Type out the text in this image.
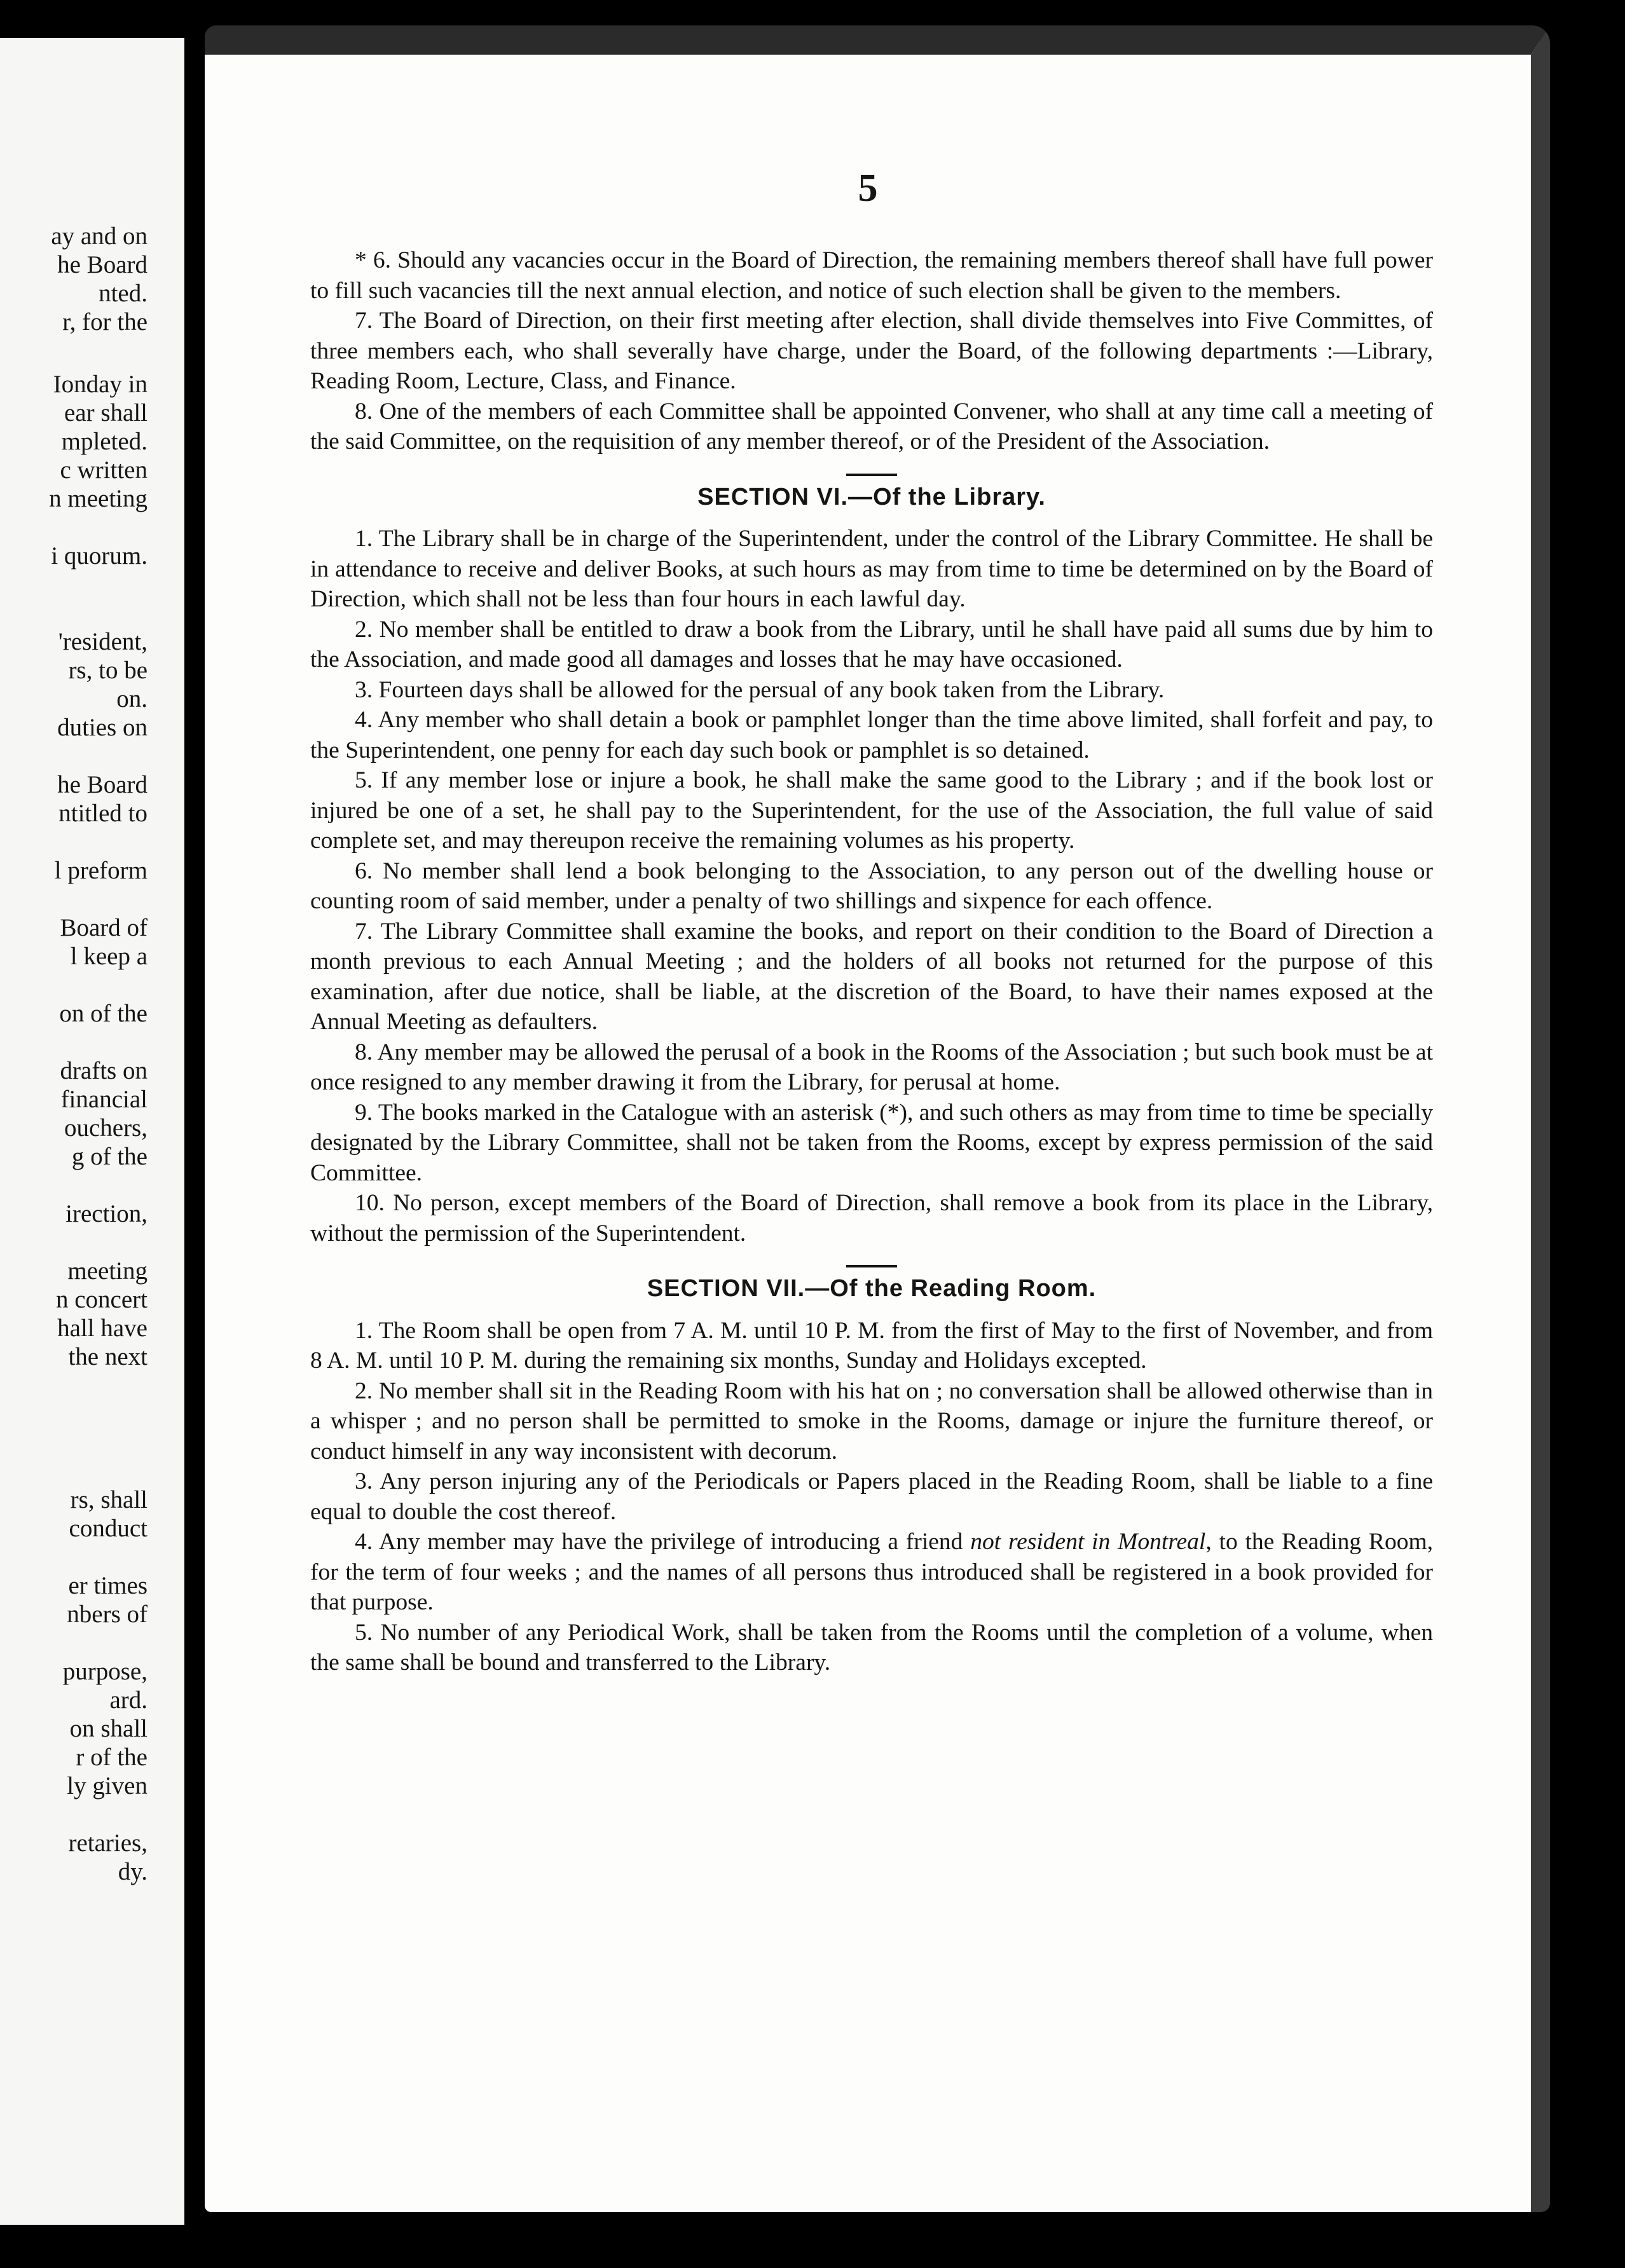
ay and on
he Board
nted.
r, for the
Ionday in
ear shall
mpleted.
c written
n meeting
i quorum.
'resident,
rs, to be
on.
duties on
he Board
ntitled to
l preform
Board of
l keep a
on of the
drafts on
financial
ouchers,
g of the
irection,
meeting
n concert
hall have
the next
rs, shall
conduct
er times
nbers of
purpose,
ard.
on shall
r of the
ly given
retaries,
dy.
5

* 6. Should any vacancies occur in the Board of Direction, the remaining members thereof shall have full power to fill such vacancies till the next annual election, and notice of such election shall be given to the members.

7. The Board of Direction, on their first meeting after election, shall divide themselves into Five Committes, of three members each, who shall severally have charge, under the Board, of the following departments :—Library, Reading Room, Lecture, Class, and Finance.

8. One of the members of each Committee shall be appointed Convener, who shall at any time call a meeting of the said Committee, on the requisition of any member thereof, or of the President of the Association.

SECTION VI.—Of the Library.

1. The Library shall be in charge of the Superintendent, under the control of the Library Committee. He shall be in attendance to receive and deliver Books, at such hours as may from time to time be determined on by the Board of Direction, which shall not be less than four hours in each lawful day.

2. No member shall be entitled to draw a book from the Library, until he shall have paid all sums due by him to the Association, and made good all damages and losses that he may have occasioned.

3. Fourteen days shall be allowed for the persual of any book taken from the Library.

4. Any member who shall detain a book or pamphlet longer than the time above limited, shall forfeit and pay, to the Superintendent, one penny for each day such book or pamphlet is so detained.

5. If any member lose or injure a book, he shall make the same good to the Library ; and if the book lost or injured be one of a set, he shall pay to the Superintendent, for the use of the Association, the full value of said complete set, and may thereupon receive the remaining volumes as his property.

6. No member shall lend a book belonging to the Association, to any person out of the dwelling house or counting room of said member, under a penalty of two shillings and sixpence for each offence.

7. The Library Committee shall examine the books, and report on their condition to the Board of Direction a month previous to each Annual Meeting ; and the holders of all books not returned for the purpose of this examination, after due notice, shall be liable, at the discretion of the Board, to have their names exposed at the Annual Meeting as defaulters.

8. Any member may be allowed the perusal of a book in the Rooms of the Association ; but such book must be at once resigned to any member drawing it from the Library, for perusal at home.

9. The books marked in the Catalogue with an asterisk (*), and such others as may from time to time be specially designated by the Library Committee, shall not be taken from the Rooms, except by express permission of the said Committee.

10. No person, except members of the Board of Direction, shall remove a book from its place in the Library, without the permission of the Superintendent.

SECTION VII.—Of the Reading Room.

1. The Room shall be open from 7 A. M. until 10 P. M. from the first of May to the first of November, and from 8 A. M. until 10 P. M. during the remaining six months, Sunday and Holidays excepted.

2. No member shall sit in the Reading Room with his hat on ; no conversation shall be allowed otherwise than in a whisper ; and no person shall be permitted to smoke in the Rooms, damage or injure the furniture thereof, or conduct himself in any way inconsistent with decorum.

3. Any person injuring any of the Periodicals or Papers placed in the Reading Room, shall be liable to a fine equal to double the cost thereof.

4. Any member may have the privilege of introducing a friend not resident in Montreal, to the Reading Room, for the term of four weeks ; and the names of all persons thus introduced shall be registered in a book provided for that purpose.

5. No number of any Periodical Work, shall be taken from the Rooms until the completion of a volume, when the same shall be bound and transferred to the Library.
